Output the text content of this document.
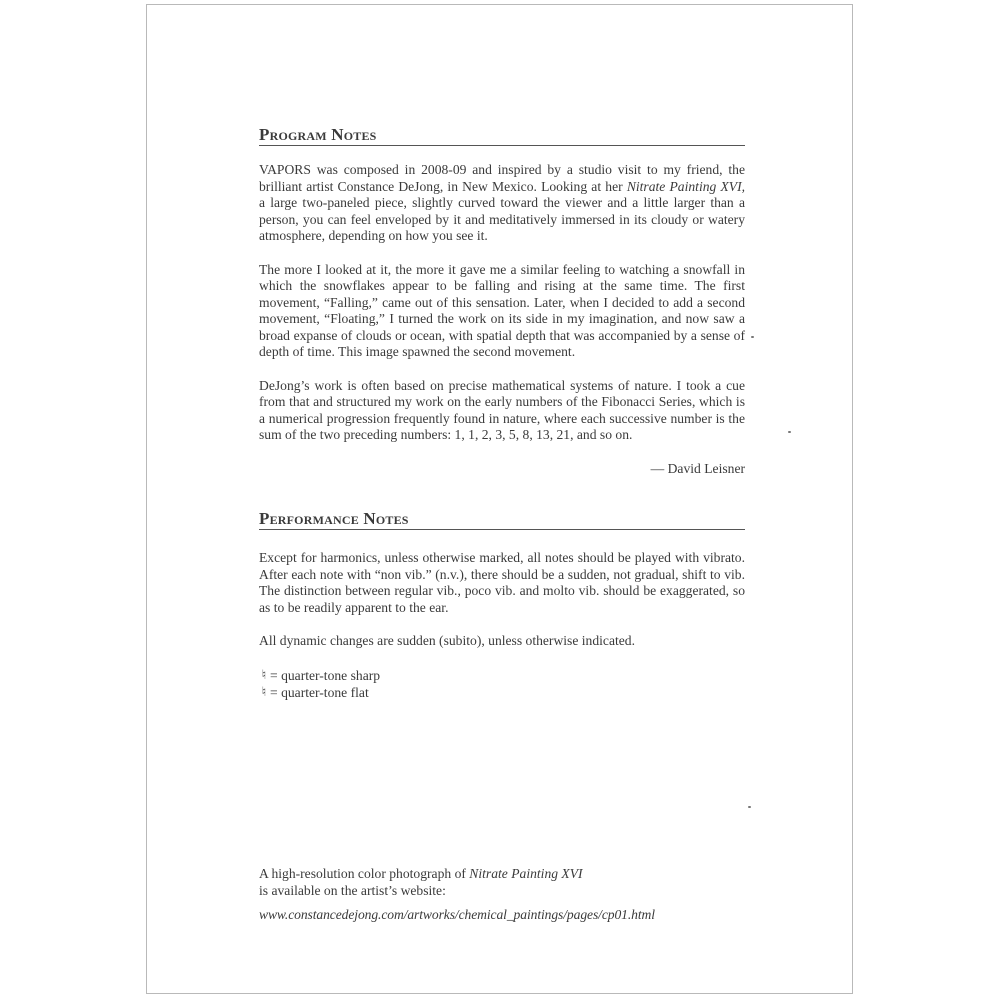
Program Notes

VAPORS was composed in 2008-09 and inspired by a studio visit to my friend, the brilliant artist Constance DeJong, in New Mexico. Looking at her Nitrate Painting XVI, a large two-paneled piece, slightly curved toward the viewer and a little larger than a person, you can feel enveloped by it and meditatively immersed in its cloudy or watery atmosphere, depending on how you see it.

The more I looked at it, the more it gave me a similar feeling to watching a snowfall in which the snowflakes appear to be falling and rising at the same time. The first movement, “Falling,” came out of this sensation. Later, when I decided to add a second movement, “Floating,” I turned the work on its side in my imagination, and now saw a broad expanse of clouds or ocean, with spatial depth that was accompanied by a sense of depth of time. This image spawned the second movement.

DeJong’s work is often based on precise mathematical systems of nature. I took a cue from that and structured my work on the early numbers of the Fibonacci Series, which is a numerical progression frequently found in nature, where each successive number is the sum of the two preceding numbers: 1, 1, 2, 3, 5, 8, 13, 21, and so on.

— David Leisner
Performance Notes

Except for harmonics, unless otherwise marked, all notes should be played with vibrato. After each note with “non vib.” (n.v.), there should be a sudden, not gradual, shift to vib. The distinction between regular vib., poco vib. and molto vib. should be exaggerated, so as to be readily apparent to the ear.

All dynamic changes are sudden (subito), unless otherwise indicated.

♮ = quarter-tone sharp
♮ = quarter-tone flat

A high-resolution color photograph of Nitrate Painting XVI

is available on the artist’s website:

www.constancedejong.com/artworks/chemical_paintings/pages/cp01.html
